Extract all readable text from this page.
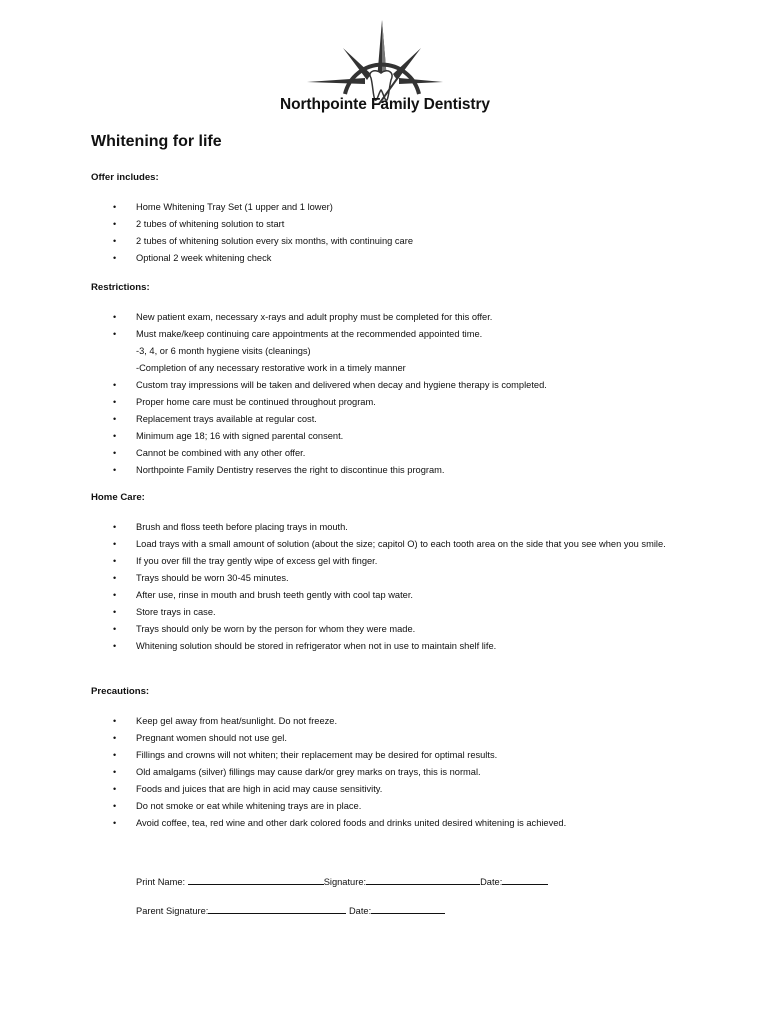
Northpointe Family Dentistry
Whitening for life

Offer includes:

• Home Whitening Tray Set (1 upper and 1 lower)
• 2 tubes of whitening solution to start
• 2 tubes of whitening solution every six months, with continuing care
• Optional 2 week whitening check

Restrictions:

• New patient exam, necessary x-rays and adult prophy must be completed for this offer.
• Must make/keep continuing care appointments at the recommended appointed time.
-3, 4, or 6 month hygiene visits (cleanings)
-Completion of any necessary restorative work in a timely manner
• Custom tray impressions will be taken and delivered when decay and hygiene therapy is completed.
• Proper home care must be continued throughout program.
• Replacement trays available at regular cost.
• Minimum age 18; 16 with signed parental consent.
• Cannot be combined with any other offer.
• Northpointe Family Dentistry reserves the right to discontinue this program.

Home Care:

• Brush and floss teeth before placing trays in mouth.
• Load trays with a small amount of solution (about the size; capitol O) to each tooth area on the side that you see when you smile.
• If you over fill the tray gently wipe of excess gel with finger.
• Trays should be worn 30-45 minutes.
• After use, rinse in mouth and brush teeth gently with cool tap water.
• Store trays in case.
• Trays should only be worn by the person for whom they were made.
• Whitening solution should be stored in refrigerator when not in use to maintain shelf life.

Precautions:

• Keep gel away from heat/sunlight. Do not freeze.
• Pregnant women should not use gel.
• Fillings and crowns will not whiten; their replacement may be desired for optimal results.
• Old amalgams (silver) fillings may cause dark/or grey marks on trays, this is normal.
• Foods and juices that are high in acid may cause sensitivity.
• Do not smoke or eat while whitening trays are in place.
• Avoid coffee, tea, red wine and other dark colored foods and drinks united desired whitening is achieved.
Print Name:	Signature:	Date:
Parent Signature:	Date:
